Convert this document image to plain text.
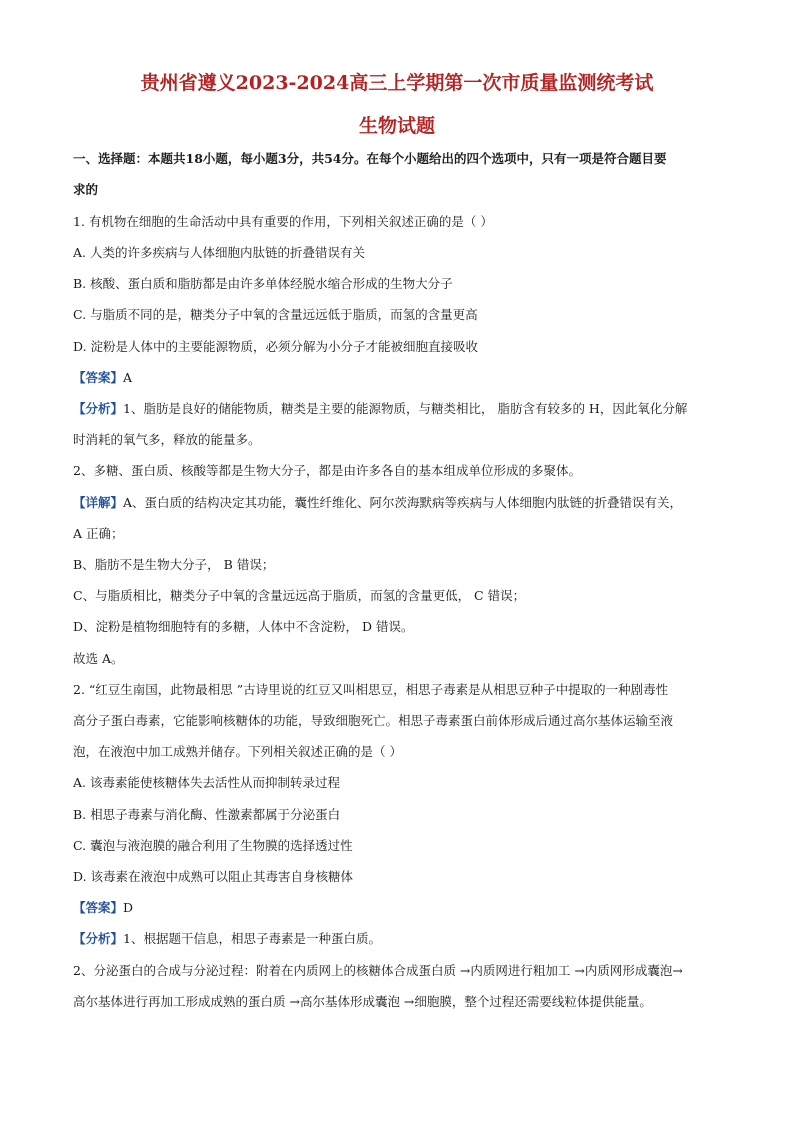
贵州省遵义2023-2024高三上学期第一次市质量监测统考试
生物试题
一、选择题：本题共18小题，每小题3分，共54分。在每个小题给出的四个选项中，只有一项是符合题目要
求的
1. 有机物在细胞的生命活动中具有重要的作用，下列相关叙述正确的是（ ）
A. 人类的许多疾病与人体细胞内肽链的折叠错误有关
B. 核酸、蛋白质和脂肪都是由许多单体经脱水缩合形成的生物大分子
C. 与脂质不同的是，糖类分子中氧的含量远远低于脂质，而氢的含量更高
D. 淀粉是人体中的主要能源物质，必须分解为小分子才能被细胞直接吸收
【答案】A
【分析】1、脂肪是良好的储能物质，糖类是主要的能源物质，与糖类相比， 脂肪含有较多的 H，因此氧化分解
时消耗的氧气多，释放的能量多。
2、多糖、蛋白质、核酸等都是生物大分子，都是由许多各自的基本组成单位形成的多聚体。
【详解】A、蛋白质的结构决定其功能，囊性纤维化、阿尔茨海默病等疾病与人体细胞内肽链的折叠错误有关，
A 正确；
B、脂肪不是生物大分子， B 错误；
C、与脂质相比，糖类分子中氧的含量远远高于脂质，而氢的含量更低， C 错误；
D、淀粉是植物细胞特有的多糖，人体中不含淀粉， D 错误。
故选 A。
2. “红豆生南国，此物最相思 ”古诗里说的红豆又叫相思豆，相思子毒素是从相思豆种子中提取的一种剧毒性
高分子蛋白毒素，它能影响核糖体的功能，导致细胞死亡。相思子毒素蛋白前体形成后通过高尔基体运输至液
泡，在液泡中加工成熟并储存。下列相关叙述正确的是（ ）
A. 该毒素能使核糖体失去活性从而抑制转录过程
B. 相思子毒素与消化酶、性激素都属于分泌蛋白
C. 囊泡与液泡膜的融合利用了生物膜的选择透过性
D. 该毒素在液泡中成熟可以阻止其毒害自身核糖体
【答案】D
【分析】1、根据题干信息，相思子毒素是一种蛋白质。
2、分泌蛋白的合成与分泌过程：附着在内质网上的核糖体合成蛋白质 →内质网进行粗加工 →内质网形成囊泡→
高尔基体进行再加工形成成熟的蛋白质 →高尔基体形成囊泡 →细胞膜，整个过程还需要线粒体提供能量。
